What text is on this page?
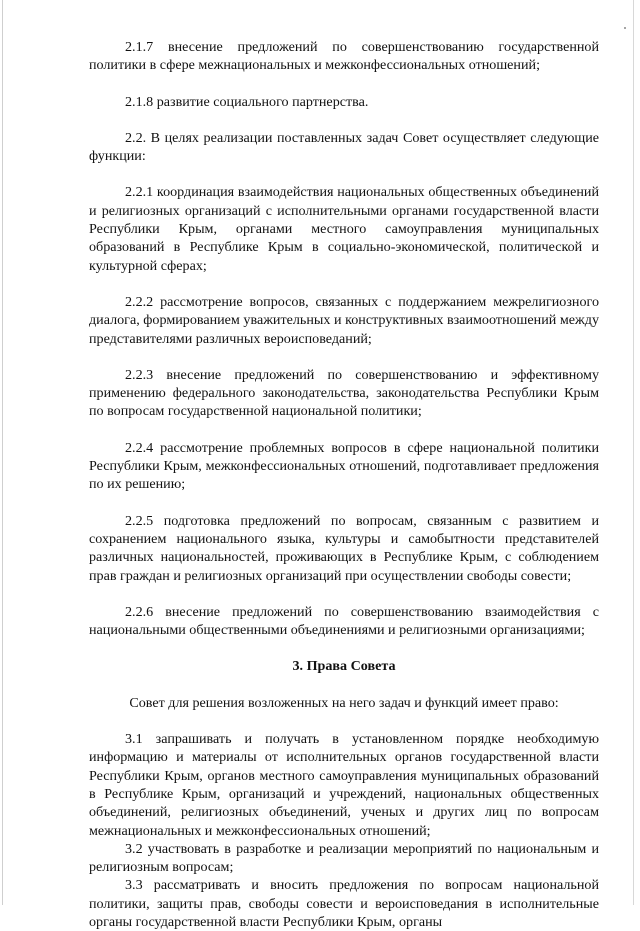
2.1.7 внесение предложений по совершенствованию государственной политики в сфере межнациональных и межконфессиональных отношений;

2.1.8 развитие социального партнерства.

2.2. В целях реализации поставленных задач Совет осуществляет следующие функции:

2.2.1 координация взаимодействия национальных общественных объединений и религиозных организаций с исполнительными органами государственной власти Республики Крым, органами местного самоуправления муниципальных образований в Республике Крым в социально-экономической, политической и культурной сферах;

2.2.2 рассмотрение вопросов, связанных с поддержанием межрелигиозного диалога, формированием уважительных и конструктивных взаимоотношений между представителями различных вероисповеданий;

2.2.3 внесение предложений по совершенствованию и эффективному применению федерального законодательства, законодательства Республики Крым по вопросам государственной национальной политики;

2.2.4 рассмотрение проблемных вопросов в сфере национальной политики Республики Крым, межконфессиональных отношений, подготавливает предложения по их решению;

2.2.5 подготовка предложений по вопросам, связанным с развитием и сохранением национального языка, культуры и самобытности представителей различных национальностей, проживающих в Республике Крым, с соблюдением прав граждан и религиозных организаций при осуществлении свободы совести;

2.2.6 внесение предложений по совершенствованию взаимодействия с национальными общественными объединениями и религиозными организациями;

3. Права Совета
Совет для решения возложенных на него задач и функций имеет право:

3.1 запрашивать и получать в установленном порядке необходимую информацию и материалы от исполнительных органов государственной власти Республики Крым, органов местного самоуправления муниципальных образований в Республике Крым, организаций и учреждений, национальных общественных объединений, религиозных объединений, ученых и других лиц по вопросам межнациональных и межконфессиональных отношений;

3.2 участвовать в разработке и реализации мероприятий по национальным и религиозным вопросам;

3.3 рассматривать и вносить предложения по вопросам национальной политики, защиты прав, свободы совести и вероисповедания в исполнительные органы государственной власти Республики Крым, органы
